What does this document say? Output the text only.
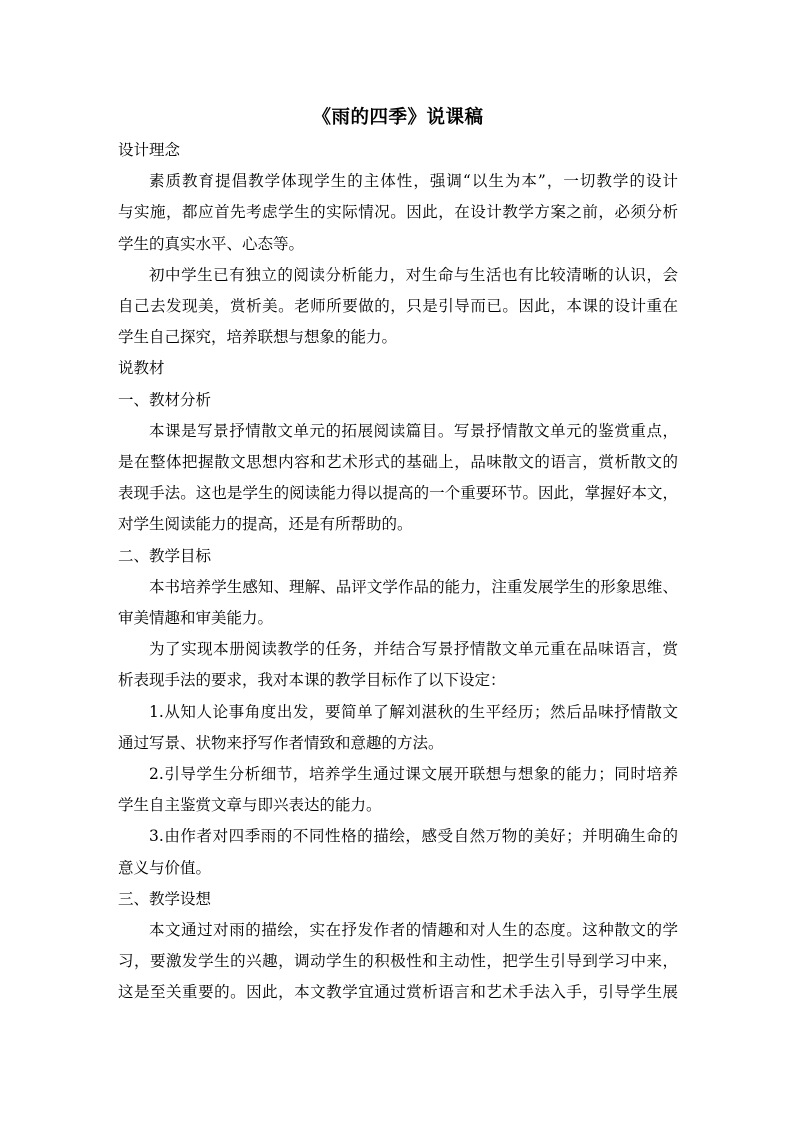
《雨的四季》说课稿

设计理念

素质教育提倡教学体现学生的主体性，强调“以生为本”，一切教学的设计

与实施，都应首先考虑学生的实际情况。因此，在设计教学方案之前，必须分析

学生的真实水平、心态等。

初中学生已有独立的阅读分析能力，对生命与生活也有比较清晰的认识，会

自己去发现美，赏析美。老师所要做的，只是引导而已。因此，本课的设计重在

学生自己探究，培养联想与想象的能力。

说教材

一、教材分析

本课是写景抒情散文单元的拓展阅读篇目。写景抒情散文单元的鉴赏重点，

是在整体把握散文思想内容和艺术形式的基础上，品味散文的语言，赏析散文的

表现手法。这也是学生的阅读能力得以提高的一个重要环节。因此，掌握好本文，

对学生阅读能力的提高，还是有所帮助的。

二、教学目标

本书培养学生感知、理解、品评文学作品的能力，注重发展学生的形象思维、

审美情趣和审美能力。

为了实现本册阅读教学的任务，并结合写景抒情散文单元重在品味语言，赏

析表现手法的要求，我对本课的教学目标作了以下设定：

1.从知人论事角度出发，要简单了解刘湛秋的生平经历；然后品味抒情散文

通过写景、状物来抒写作者情致和意趣的方法。

2.引导学生分析细节，培养学生通过课文展开联想与想象的能力；同时培养

学生自主鉴赏文章与即兴表达的能力。

3.由作者对四季雨的不同性格的描绘，感受自然万物的美好；并明确生命的

意义与价值。

三、教学设想

本文通过对雨的描绘，实在抒发作者的情趣和对人生的态度。这种散文的学

习，要激发学生的兴趣，调动学生的积极性和主动性，把学生引导到学习中来，

这是至关重要的。因此，本文教学宜通过赏析语言和艺术手法入手，引导学生展
